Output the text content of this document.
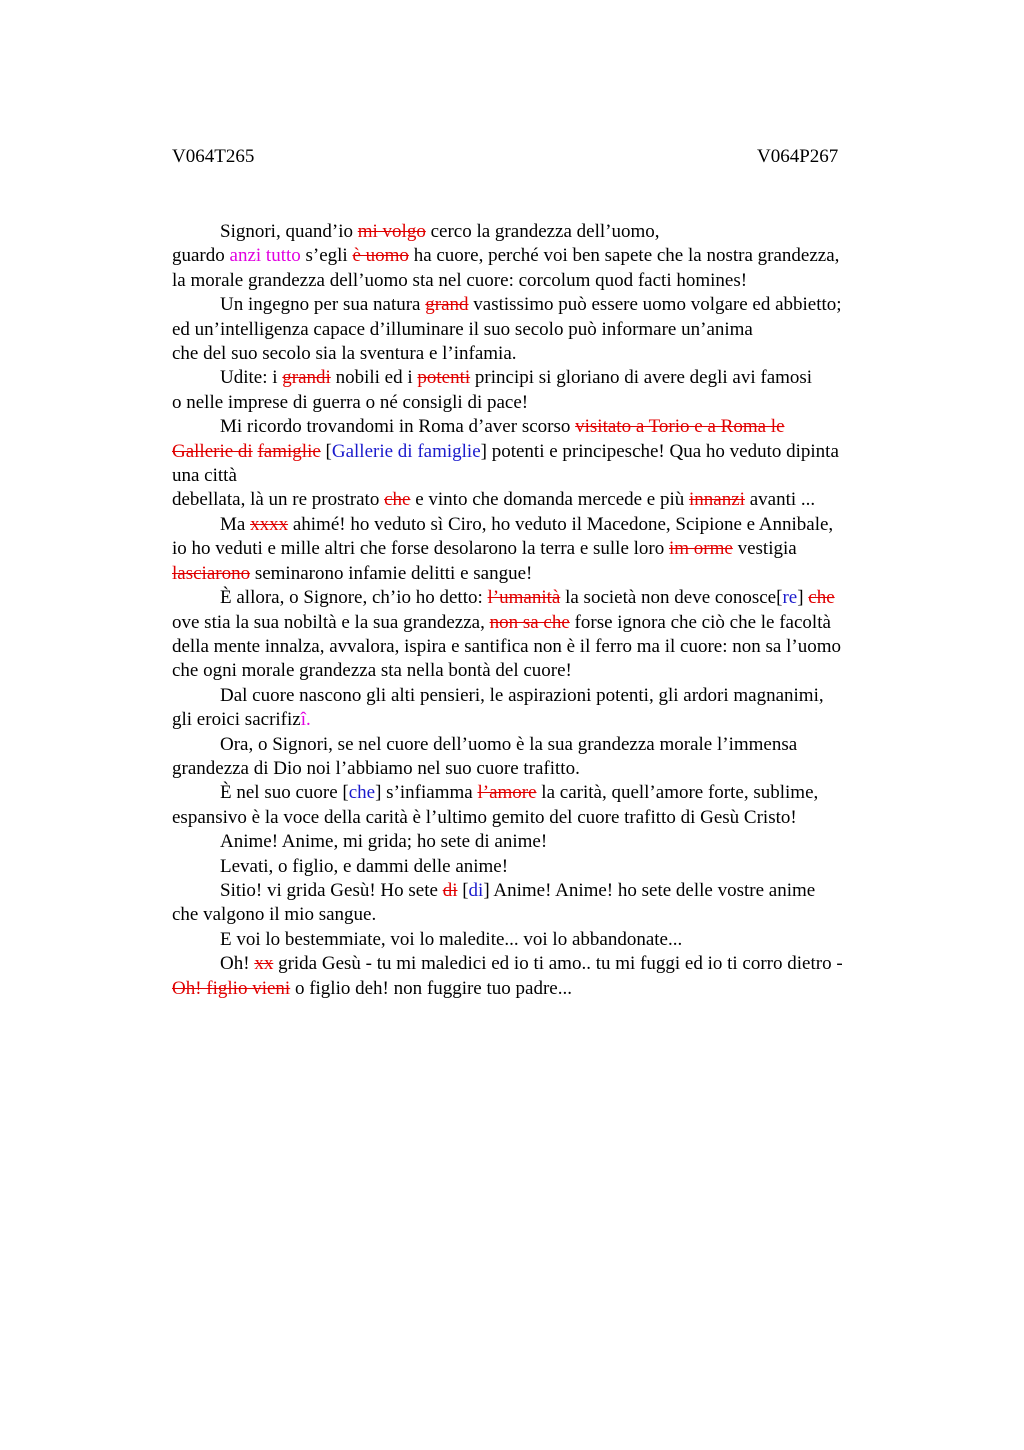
V064T265	V064P267
Signori, quand’io mi volgo cerco la grandezza dell’uomo,
guardo anzi tutto s’egli è uomo ha cuore, perché voi ben sapete che la nostra grandezza,
la morale grandezza dell’uomo sta nel cuore: corcolum quod facti homines!
Un ingegno per sua natura grand vastissimo può essere uomo volgare ed abbietto;
ed un’intelligenza capace d’illuminare il suo secolo può informare un’anima
che del suo secolo sia la sventura e l’infamia.
Udite: i grandi nobili ed i potenti principi si gloriano di avere degli avi famosi
o nelle imprese di guerra o né consigli di pace!
Mi ricordo trovandomi in Roma d’aver scorso visitato a Torio e a Roma le
Gallerie di famiglie [Gallerie di famiglie] potenti e principesche! Qua ho veduto dipinta
una città
debellata, là un re prostrato che e vinto che domanda mercede e più innanzi avanti ...
Ma xxxx ahimé! ho veduto sì Ciro, ho veduto il Macedone, Scipione e Annibale,
io ho veduti e mille altri che forse desolarono la terra e sulle loro im orme vestigia
lasciarono seminarono infamie delitti e sangue!
È allora, o Signore, ch’io ho detto: l’umanità la società non deve conosce[re] che
ove stia la sua nobiltà e la sua grandezza, non sa che forse ignora che ciò che le facoltà
della mente innalza, avvalora, ispira e santifica non è il ferro ma il cuore: non sa l’uomo
che ogni morale grandezza sta nella bontà del cuore!
Dal cuore nascono gli alti pensieri, le aspirazioni potenti, gli ardori magnanimi,
gli eroici sacrifizî.
Ora, o Signori, se nel cuore dell’uomo è la sua grandezza morale l’immensa
grandezza di Dio noi l’abbiamo nel suo cuore trafitto.
È nel suo cuore [che] s’infiamma l’amore la carità, quell’amore forte, sublime,
espansivo è la voce della carità è l’ultimo gemito del cuore trafitto di Gesù Cristo!
Anime! Anime, mi grida; ho sete di anime!
Levati, o figlio, e dammi delle anime!
Sitio! vi grida Gesù! Ho sete di [di] Anime! Anime! ho sete delle vostre anime
che valgono il mio sangue.
E voi lo bestemmiate, voi lo maledite... voi lo abbandonate...
Oh! xx grida Gesù - tu mi maledici ed io ti amo.. tu mi fuggi ed io ti corro dietro -
Oh! figlio vieni o figlio deh! non fuggire tuo padre...
